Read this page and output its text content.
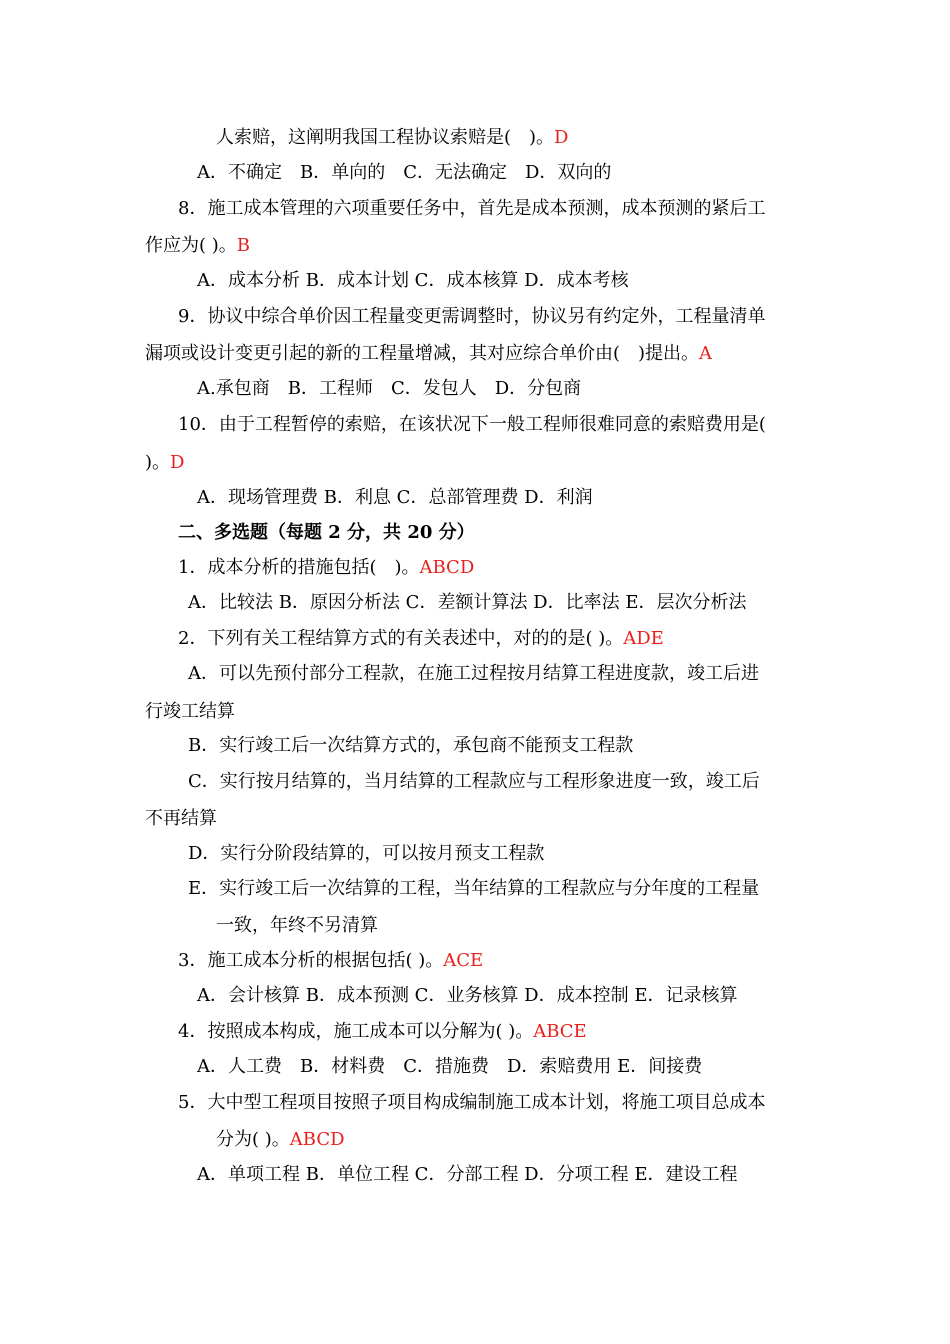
人索赔，这阐明我国工程协议索赔是(　)。D
A．不确定　B．单向的　C．无法确定　D．双向的
8．施工成本管理的六项重要任务中，首先是成本预测，成本预测的紧后工
作应为( )。B
A．成本分析 B．成本计划 C．成本核算 D．成本考核
9．协议中综合单价因工程量变更需调整时，协议另有约定外，工程量清单
漏项或设计变更引起的新的工程量增减，其对应综合单价由(　)提出。A
A.承包商　B．工程师　C．发包人　D．分包商
10．由于工程暂停的索赔，在该状况下一般工程师很难同意的索赔费用是(
)。D
A．现场管理费 B．利息 C．总部管理费 D．利润
二、多选题（每题 2 分，共 20 分）
1．成本分析的措施包括(　)。ABCD
A．比较法 B．原因分析法 C．差额计算法 D．比率法 E．层次分析法
2．下列有关工程结算方式的有关表述中，对的的是( )。ADE
A．可以先预付部分工程款，在施工过程按月结算工程进度款，竣工后进
行竣工结算
B．实行竣工后一次结算方式的，承包商不能预支工程款
C．实行按月结算的，当月结算的工程款应与工程形象进度一致，竣工后
不再结算
D．实行分阶段结算的，可以按月预支工程款
E．实行竣工后一次结算的工程，当年结算的工程款应与分年度的工程量
一致，年终不另清算
3．施工成本分析的根据包括( )。ACE
A．会计核算 B．成本预测 C．业务核算 D．成本控制 E．记录核算
4．按照成本构成，施工成本可以分解为( )。ABCE
A．人工费　B．材料费　C．措施费　D．索赔费用 E．间接费
5．大中型工程项目按照子项目构成编制施工成本计划，将施工项目总成本
分为( )。ABCD
A．单项工程 B．单位工程 C．分部工程 D．分项工程 E．建设工程
